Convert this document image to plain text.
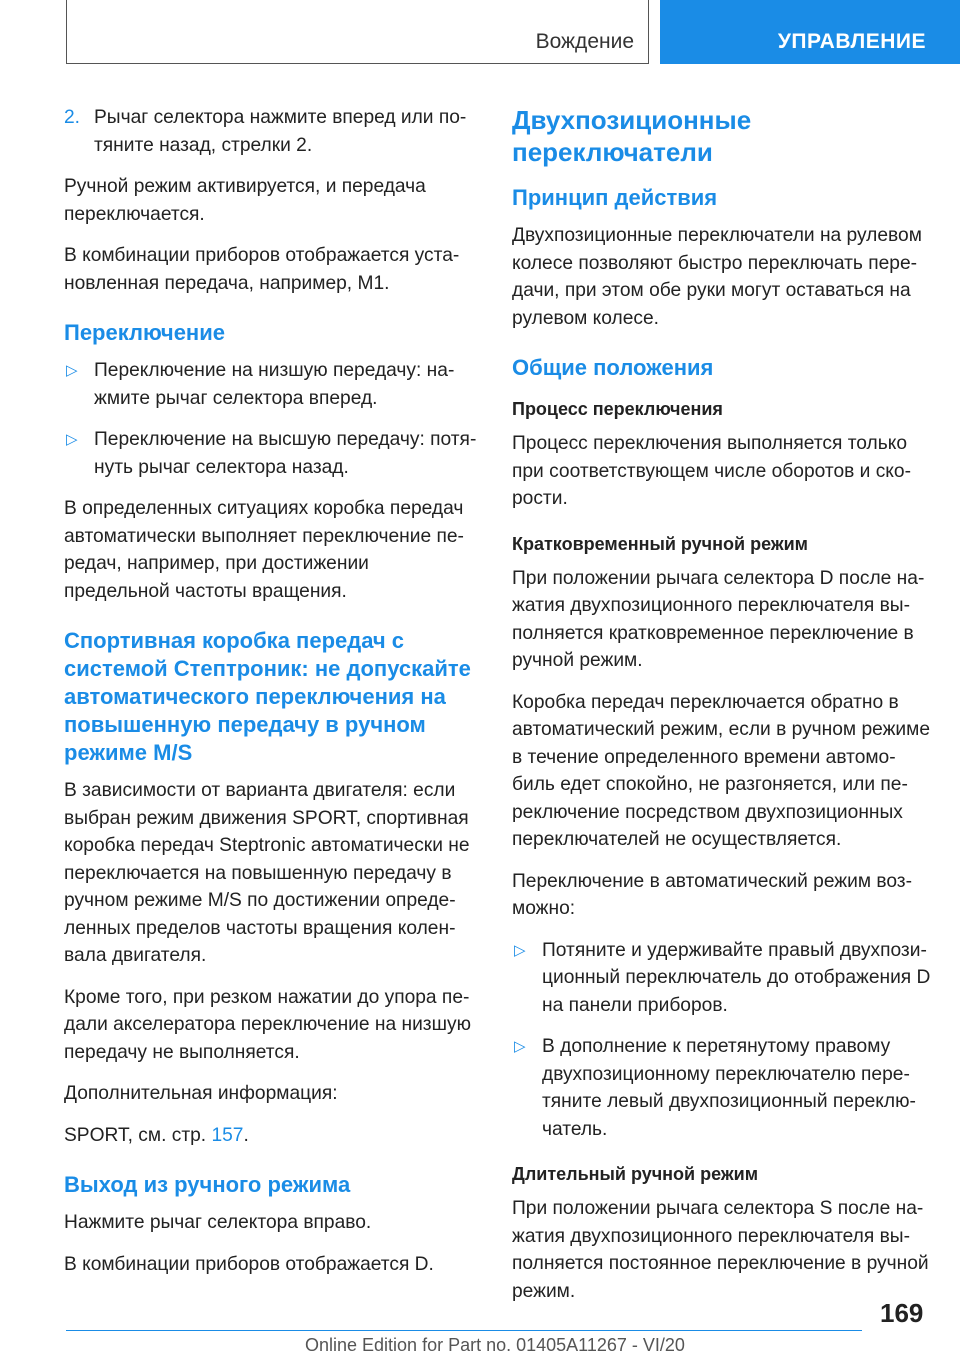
Вождение	УПРАВЛЕНИЕ
2. Рычаг селектора нажмите вперед или потяните назад, стрелки 2.

Ручной режим активируется, и передача переключается.

В комбинации приборов отображается установленная передача, например, M1.

Переключение
▷ Переключение на низшую передачу: нажмите рычаг селектора вперед.
▷ Переключение на высшую передачу: потянуть рычаг селектора назад.

В определенных ситуациях коробка передач автоматически выполняет переключение передач, например, при достижении предельной частоты вращения.

Спортивная коробка передач с системой Стептроник: не допускайте автоматического переключения на повышенную передачу в ручном режиме M/S

В зависимости от варианта двигателя: если выбран режим движения SPORT, спортивная коробка передач Steptronic автоматически не переключается на повышенную передачу в ручном режиме M/S по достижении определенных пределов частоты вращения коленвала двигателя.

Кроме того, при резком нажатии до упора педали акселератора переключение на низшую передачу не выполняется.

Дополнительная информация:

SPORT, см. стр. 157.

Выход из ручного режима

Нажмите рычаг селектора вправо.

В комбинации приборов отображается D.

Двухпозиционные переключатели
Принцип действия

Двухпозиционные переключатели на рулевом колесе позволяют быстро переключать передачи, при этом обе руки могут оставаться на рулевом колесе.

Общие положения
Процесс переключения

Процесс переключения выполняется только при соответствующем числе оборотов и скорости.

Кратковременный ручной режим

При положении рычага селектора D после нажатия двухпозиционного переключателя выполняется кратковременное переключение в ручной режим.

Коробка передач переключается обратно в автоматический режим, если в ручном режиме в течение определенного времени автомобиль едет спокойно, не разгоняется, или переключение посредством двухпозиционных переключателей не осуществляется.

Переключение в автоматический режим возможно:

▷ Потяните и удерживайте правый двухпозиционный переключатель до отображения D на панели приборов.
▷ В дополнение к перетянутому правому двухпозиционному переключателю перетяните левый двухпозиционный переключатель.
Длительный ручной режим

При положении рычага селектора S после нажатия двухпозиционного переключателя выполняется постоянное переключение в ручной режим.

169
Online Edition for Part no. 01405A11267 - VI/20
